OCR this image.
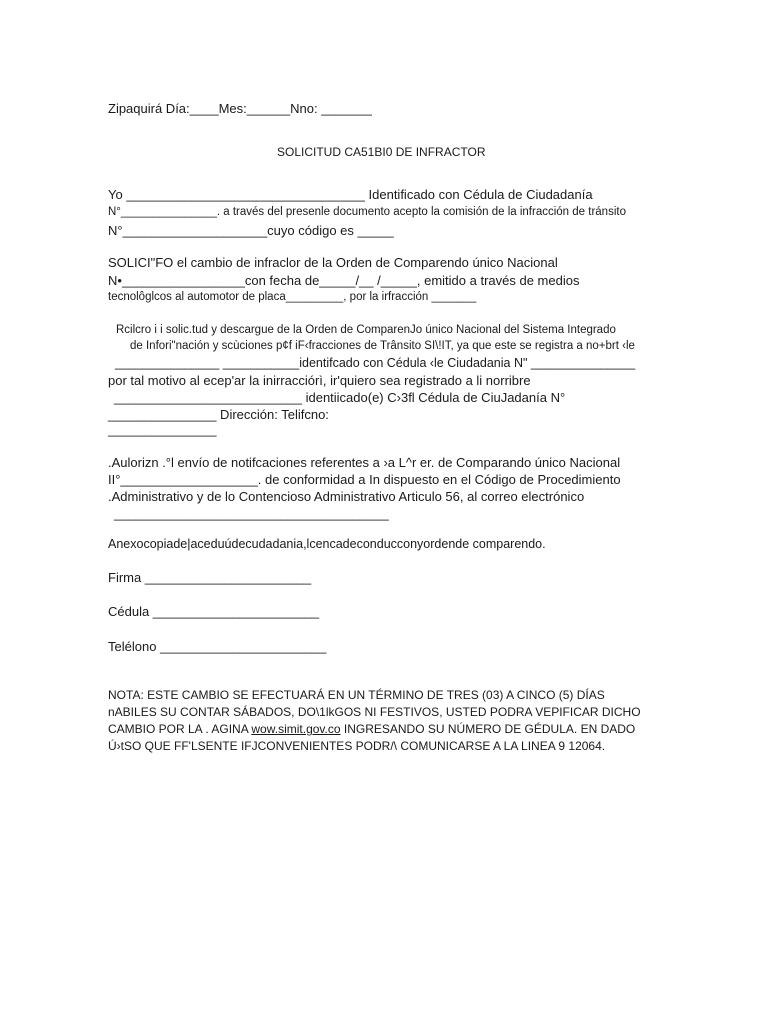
Zipaquirá Día:____Mes:______Nno: _______
SOLICITUD CA51BI0 DE INFRACTOR
Yo _________________________________ Identificado con Cédula de Ciudadanía
N°_______________. a través del presenle documento acepto la comisión de la infracción de tránsito
N°____________________cuyo código es _____
SOLICI"FO el cambio de infraclor de la Orden de Comparendo único Nacional
N•_________________con fecha de_____/__ /_____, emitido a través de medios
tecnolôglcos al automotor de placa_________, por la irfracción _______
Rcilcro i i solic.tud y descargue de la Orden de ComparenJo único Nacional del Sistema Integrado
de Infori"nación y scùciones p¢f iF‹fracciones de Trânsito SI\!IT, ya que este se registra a no+brt ‹le
_______________ ___________identifcado con Cédula ‹le Ciudadania N" _______________
por tal motivo al ecep'ar la inirracciórì, ir'quiero sea registrado a li norribre
__________________________ identiicado(e) C›3fl Cédula de CiuJadanía N°
_______________ Dirección: Telifcno:
_______________
.Aulorizn .°l envío de notifcaciones referentes a ›a L^r er. de Comparando único Nacional
II°___________________. de conformidad a In dispuesto en el Código de Procedimiento
.Administrativo y de lo Contencioso Administrativo Articulo 56, al correo electrónico
______________________________________
Anexocopiade|aceduúdecudadania,lcencadeconducconyordende comparendo.
Firma _______________________
Cédula _______________________
Telélono _______________________
NOTA: ESTE CAMBIO SE EFECTUARÁ EN UN TÉRMINO DE TRES (03) A CINCO (5) DÍAS
nABILES SU CONTAR SÁBADOS, DO\1lkGOS NI FESTIVOS, USTED PODRA VEPIFICAR DICHO
CAMBIO POR LA . AGINA wow.simit.gov.co INGRESANDO SU NÚMERO DE GÉDULA. EN DADO
Ú›tSO QUE FF'LSENTE IFJCONVENIENTES PODR/\ COMUNICARSE A LA LINEA 9 12064.
